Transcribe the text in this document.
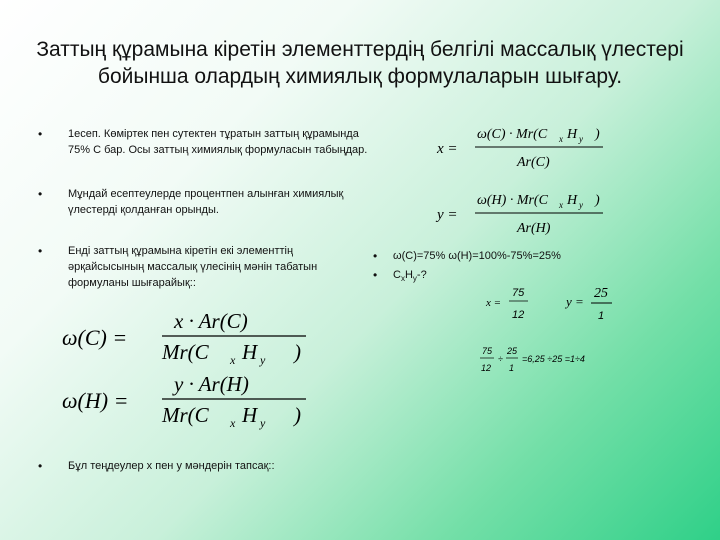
Заттың құрамына кіретін элементтердің белгілі массалық үлестері бойынша олардың химиялық формулаларын шығару.
• 1есеп. Көміртек пен сутектен тұратын заттың құрамында 75% С бар. Осы заттың химиялық формуласын табыңдар.
• Мұндай есептеулерде процентпен алынған химиялық үлестерді қолданған орынды.
• Енді заттың құрамына кіретін екі элементтің әрқайсысының массалық үлесінің мәнін табатын формуланы шығарайық::
• Бұл теңдеулер х пен у мәндерін тапсақ::
ω(C) =
x · Ar(C)
Mr(C x H y )
ω(H) =
y · Ar(H)
Mr(C x H y )
x =
ω(C) · Mr(C x H y )
Ar(C)
y =
ω(H) · Mr(C x H y )
Ar(H)
• ω(С)=75% ω(Н)=100%-75%=25%
• $C_xH_y-$?
x =
75
12
y =
25
1
75
12
÷
25
1
=6,25 ÷25 =1÷4
